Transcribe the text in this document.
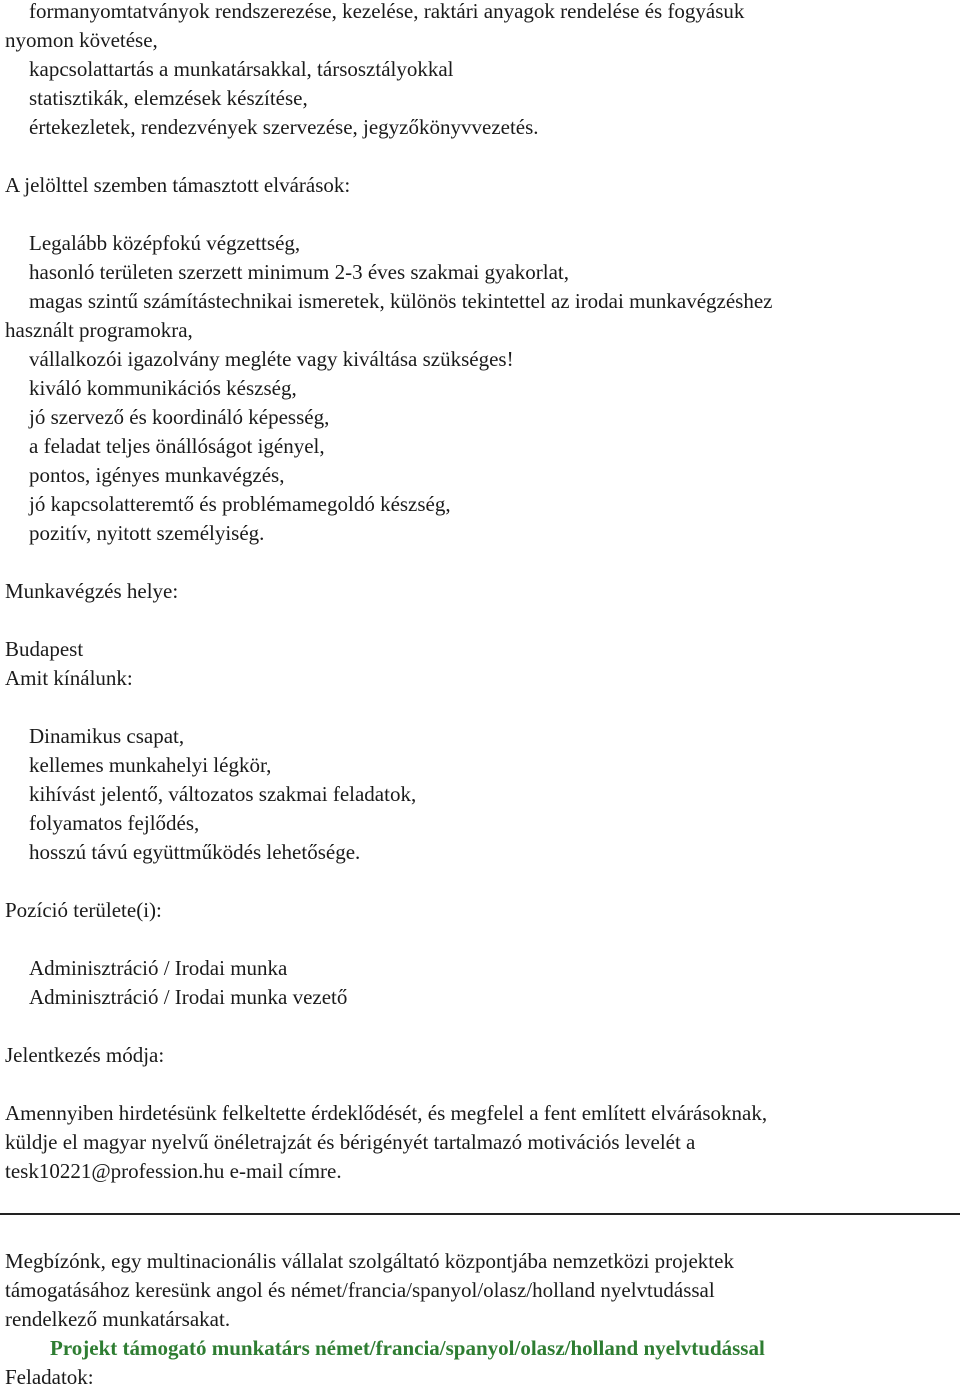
formanyomtatványok rendszerezése, kezelése, raktári anyagok rendelése és fogyásuk
nyomon követése,
kapcsolattartás a munkatársakkal, társosztályokkal
statisztikák, elemzések készítése,
értekezletek, rendezvények szervezése, jegyzőkönyvvezetés.
A jelölttel szemben támasztott elvárások:
Legalább középfokú végzettség,
hasonló területen szerzett minimum 2-3 éves szakmai gyakorlat,
magas szintű számítástechnikai ismeretek, különös tekintettel az irodai munkavégzéshez
használt programokra,
vállalkozói igazolvány megléte vagy kiváltása szükséges!
kiváló kommunikációs készség,
jó szervező és koordináló képesség,
a feladat teljes önállóságot igényel,
pontos, igényes munkavégzés,
jó kapcsolatteremtő és problémamegoldó készség,
pozitív, nyitott személyiség.
Munkavégzés helye:
Budapest
Amit kínálunk:
Dinamikus csapat,
kellemes munkahelyi légkör,
kihívást jelentő, változatos szakmai feladatok,
folyamatos fejlődés,
hosszú távú együttműködés lehetősége.
Pozíció területe(i):
Adminisztráció / Irodai munka
Adminisztráció / Irodai munka vezető
Jelentkezés módja:
Amennyiben hirdetésünk felkeltette érdeklődését, és megfelel a fent említett elvárásoknak,
küldje el magyar nyelvű önéletrajzát és bérigényét tartalmazó motivációs levelét a
tesk10221@profession.hu e-mail címre.
Megbízónk, egy multinacionális vállalat szolgáltató központjába nemzetközi projektek
támogatásához keresünk angol és német/francia/spanyol/olasz/holland nyelvtudással
rendelkező munkatársakat.
Projekt támogató munkatárs német/francia/spanyol/olasz/holland nyelvtudással
Feladatok:
